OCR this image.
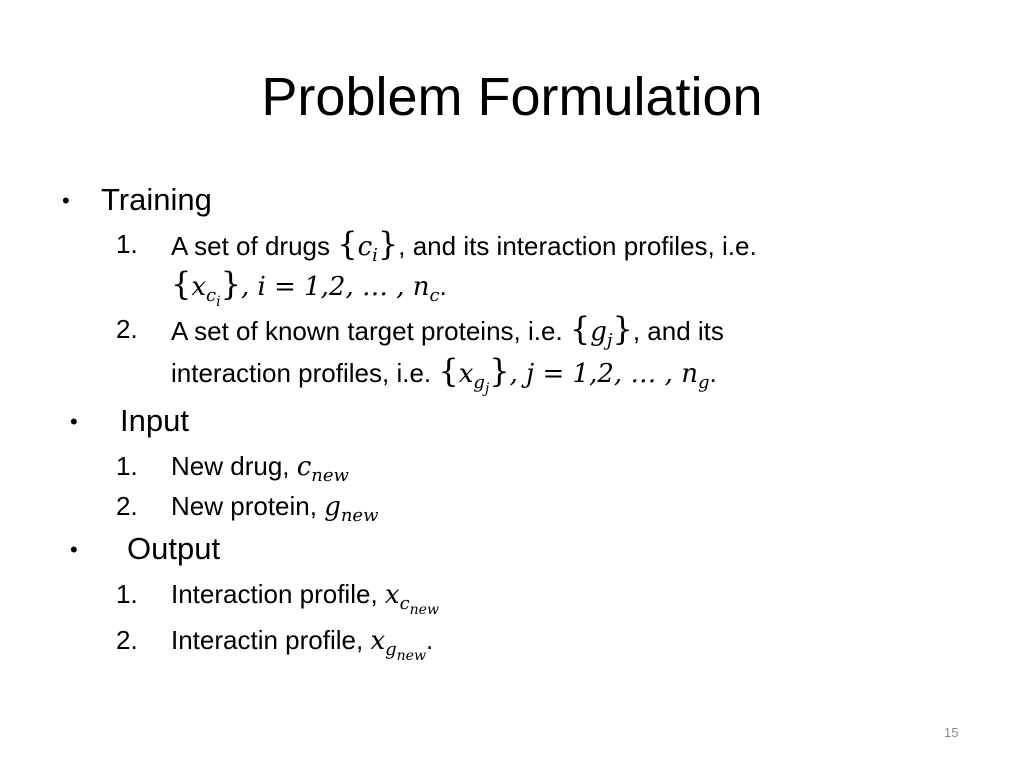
Problem Formulation
• Training
1. A set of drugs $\{c_i\}$, and its interaction profiles, i.e.
$\{x_{c_i}\}$, i = 1,2, … , $n_c$.
2. A set of known target proteins, i.e. $\{g_j\}$, and its
interaction profiles, i.e. $\{x_{g_j}\}$, j = 1,2, … , $n_g$.
• Input
1. New drug, $c_{new}$
2. New protein, $g_{new}$
• Output
1. Interaction profile, $x_{c_{new}}$
2. Interactin profile, $x_{g_{new}}$.
15
